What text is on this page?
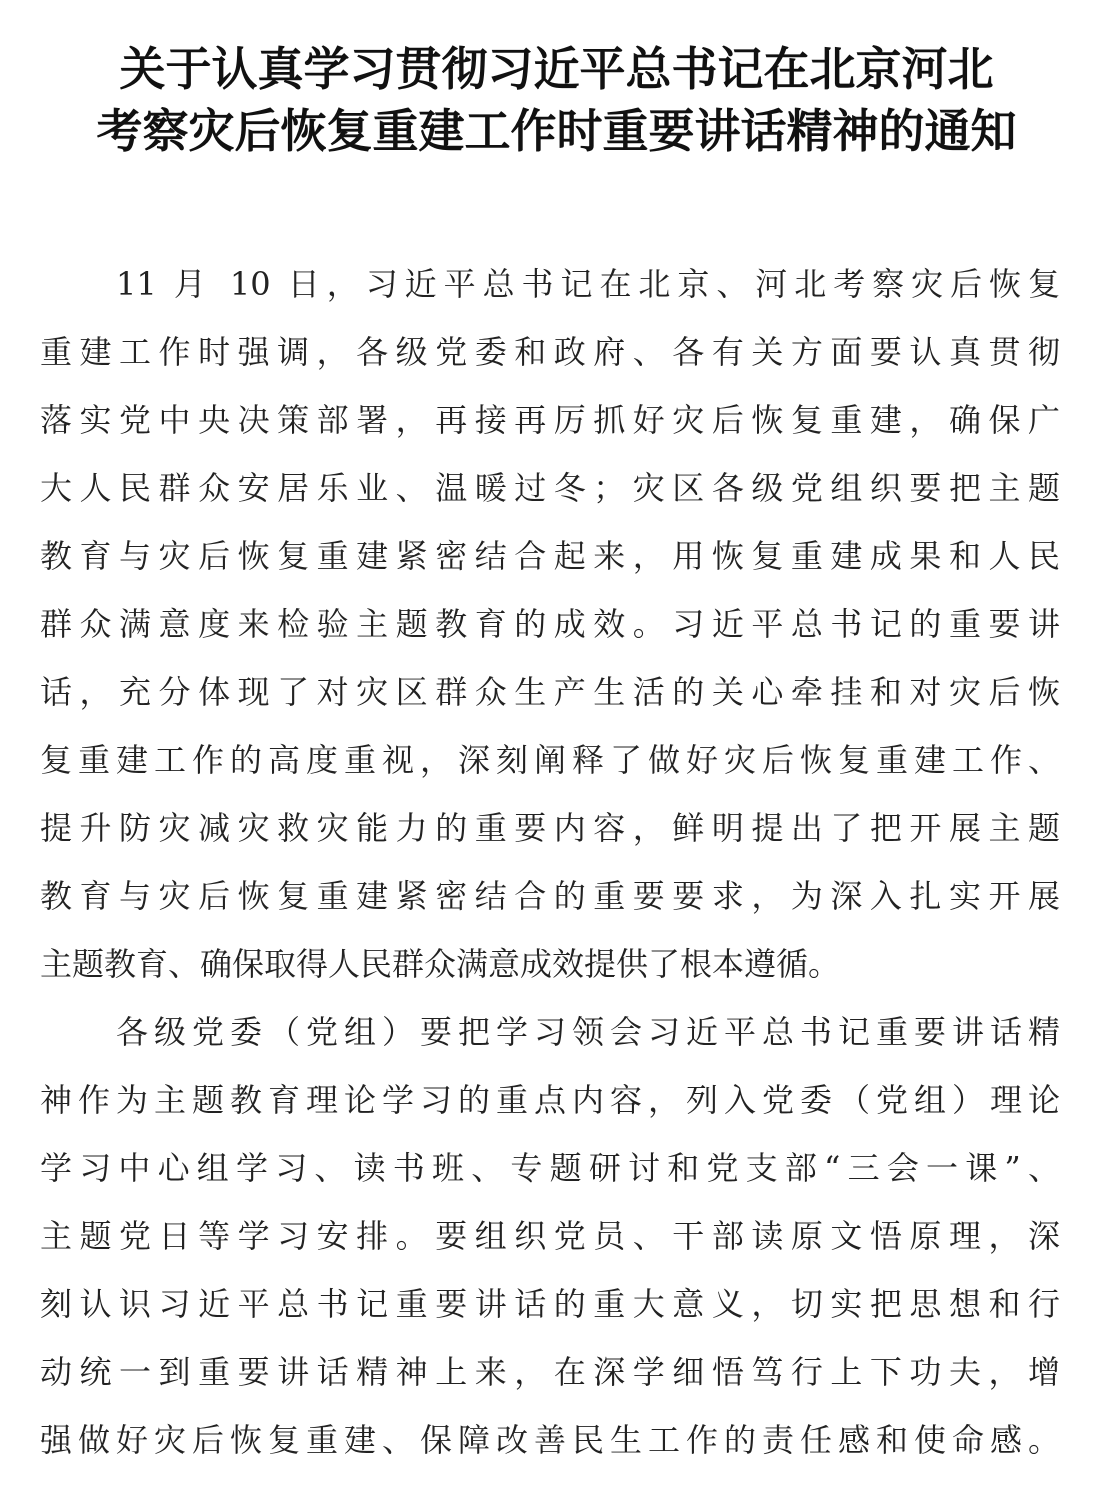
关于认真学习贯彻习近平总书记在北京河北
考察灾后恢复重建工作时重要讲话精神的通知
11 月 10 日，习近平总书记在北京、河北考察灾后恢复
重建工作时强调，各级党委和政府、各有关方面要认真贯彻
落实党中央决策部署，再接再厉抓好灾后恢复重建，确保广
大人民群众安居乐业、温暖过冬；灾区各级党组织要把主题
教育与灾后恢复重建紧密结合起来，用恢复重建成果和人民
群众满意度来检验主题教育的成效。习近平总书记的重要讲
话，充分体现了对灾区群众生产生活的关心牵挂和对灾后恢
复重建工作的高度重视，深刻阐释了做好灾后恢复重建工作、
提升防灾减灾救灾能力的重要内容，鲜明提出了把开展主题
教育与灾后恢复重建紧密结合的重要要求，为深入扎实开展
主题教育、确保取得人民群众满意成效提供了根本遵循。
各级党委（党组）要把学习领会习近平总书记重要讲话精
神作为主题教育理论学习的重点内容，列入党委（党组）理论
学习中心组学习、读书班、专题研讨和党支部“三会一课”、
主题党日等学习安排。要组织党员、干部读原文悟原理，深
刻认识习近平总书记重要讲话的重大意义，切实把思想和行
动统一到重要讲话精神上来，在深学细悟笃行上下功夫，增
强做好灾后恢复重建、保障改善民生工作的责任感和使命感。
